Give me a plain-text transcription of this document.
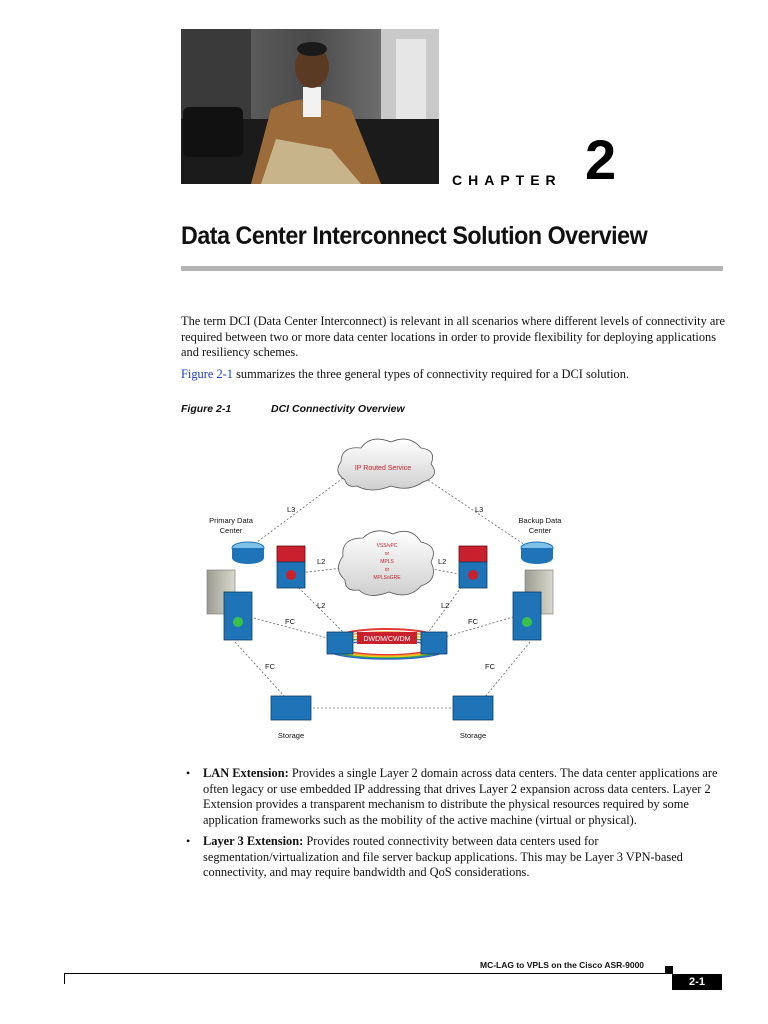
CHAPTER 2
Data Center Interconnect Solution Overview
The term DCI (Data Center Interconnect) is relevant in all scenarios where different levels of connectivity are required between two or more data center locations in order to provide flexibility for deploying applications and resiliency schemes.
Figure 2-1 summarizes the three general types of connectivity required for a DCI solution.
Figure 2-1	DCI Connectivity Overview
IP Routed Service
VSS/vPC
or
MPLS
or
MPLSoGRE
DWDM/CWDM
Primary Data
Center
Backup Data
Center
Storage	Storage
L3	L3
L2	L2
L2	L2
FC	FC
FC	FC
• LAN Extension: Provides a single Layer 2 domain across data centers. The data center applications are often legacy or use embedded IP addressing that drives Layer 2 expansion across data centers. Layer 2 Extension provides a transparent mechanism to distribute the physical resources required by some application frameworks such as the mobility of the active machine (virtual or physical).
• Layer 3 Extension: Provides routed connectivity between data centers used for segmentation/virtualization and file server backup applications. This may be Layer 3 VPN-based connectivity, and may require bandwidth and QoS considerations.
MC-LAG to VPLS on the Cisco ASR-9000
2-1
